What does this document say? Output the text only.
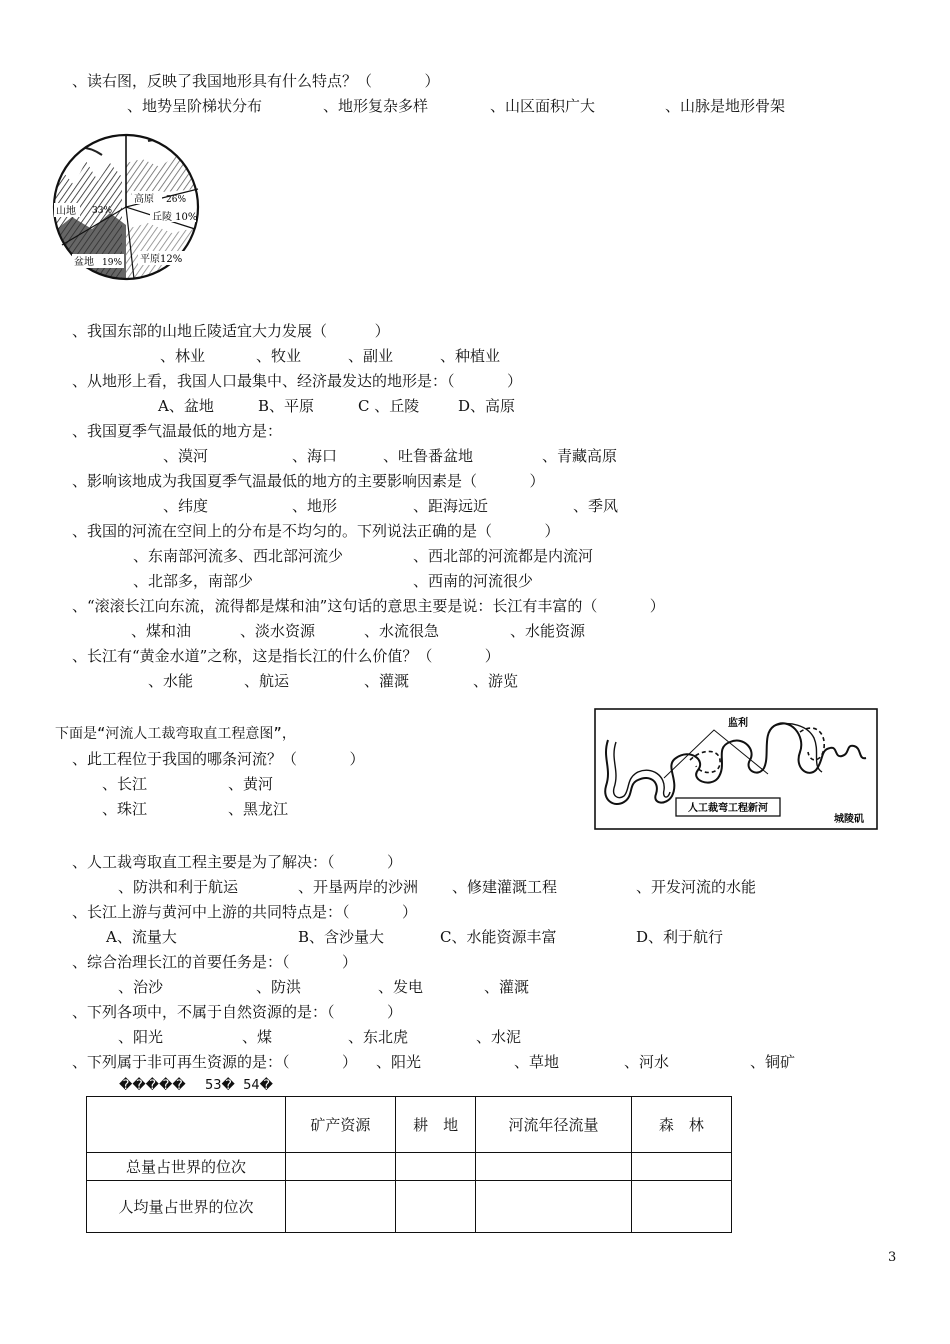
、读右图，反映了我国地形具有什么特点？（           ）
、地势呈阶梯状分布	、地形复杂多样	、山区面积广大	、山脉是地形骨架
山地 33%
高原 26%
丘陵 10%
盆地 19% 平原12%
、我国东部的山地丘陵适宜大力发展（          ）
、林业	、牧业	、副业	、种植业
、从地形上看，我国人口最集中、经济最发达的地形是：（           ）
A、盆地	B、平原	C 、丘陵	D、高原
、我国夏季气温最低的地方是：
、漠河	、海口	、吐鲁番盆地	、青藏高原
、影响该地成为我国夏季气温最低的地方的主要影响因素是（           ）
、纬度	、地形	、距海远近	、季风
、我国的河流在空间上的分布是不均匀的。下列说法正确的是（           ）
、东南部河流多、西北部河流少	、西北部的河流都是内流河
、北部多，南部少	、西南的河流很少
、“滚滚长江向东流，流得都是煤和油”这句话的意思主要是说：长江有丰富的（           ）
、煤和油	、淡水资源	、水流很急	、水能资源
、长江有“黄金水道”之称，这是指长江的什么价值？（           ）
、水能	、航运	、灌溉	、游览
下面是“河流人工裁弯取直工程意图”，
人工裁弯工程新河
监利
城陵矶
、此工程位于我国的哪条河流？（           ）
、长江	、黄河
、珠江	、黑龙江
、人工裁弯取直工程主要是为了解决：（           ）
、防洪和利于航运	、开垦两岸的沙洲 、修建灌溉工程	、开发河流的水能
、长江上游与黄河中上游的共同特点是：（           ）
A、流量大	B、含沙量大	C、水能资源丰富	D、利于航行
、综合治理长江的首要任务是：（           ）
、治沙	、防洪	、发电	、灌溉
、下列各项中，不属于自然资源的是：（           ）
、阳光	、煤	、东北虎	、水泥
、下列属于非可再生资源的是：（           ） 、阳光	、草地	、河水	、铜矿
����� 53�  54�
	矿产资源	耕　地	河流年径流量	森　林
总量占世界的位次				
人均量占世界的位次				
3
